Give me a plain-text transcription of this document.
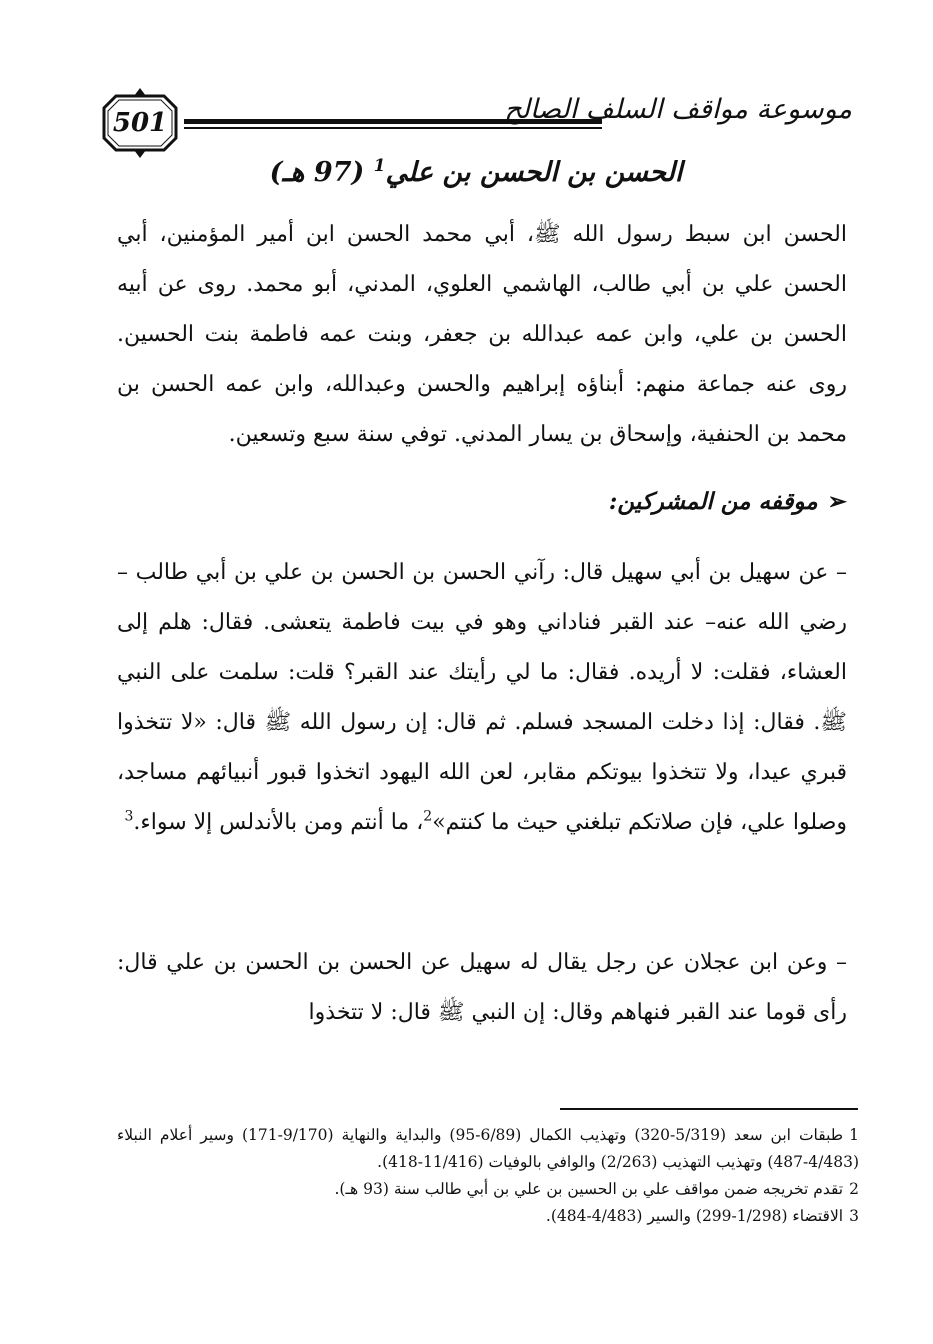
501	موسوعة مواقف السلف الصالح
الحسن بن الحسن بن علي$^1$ (97 هـ)
الحسن ابن سبط رسول الله ﷺ، أبي محمد الحسن ابن أمير المؤمنين، أبي الحسن علي بن أبي طالب، الهاشمي العلوي، المدني، أبو محمد. روى عن أبيه الحسن بن علي، وابن عمه عبدالله بن جعفر، وبنت عمه فاطمة بنت الحسين. روى عنه جماعة منهم: أبناؤه إبراهيم والحسن وعبدالله، وابن عمه الحسن بن محمد بن الحنفية، وإسحاق بن يسار المدني. توفي سنة سبع وتسعين.
➢موقفه من المشركين:
– عن سهيل بن أبي سهيل قال: رآني الحسن بن الحسن بن علي بن أبي طالب –رضي الله عنه– عند القبر فناداني وهو في بيت فاطمة يتعشى. فقال: هلم إلى العشاء، فقلت: لا أريده. فقال: ما لي رأيتك عند القبر؟ قلت: سلمت على النبي ﷺ. فقال: إذا دخلت المسجد فسلم. ثم قال: إن رسول الله ﷺ قال: «لا تتخذوا قبري عيدا، ولا تتخذوا بيوتكم مقابر، لعن الله اليهود اتخذوا قبور أنبيائهم مساجد، وصلوا علي، فإن صلاتكم تبلغني حيث ما كنتم»$^2$، ما أنتم ومن بالأندلس إلا سواء.$^3$
– وعن ابن عجلان عن رجل يقال له سهيل عن الحسن بن الحسن بن علي قال: رأى قوما عند القبر فنهاهم وقال: إن النبي ﷺ قال: لا تتخذوا
1طبقات ابن سعد (5/319-320) وتهذيب الكمال (6/89-95) والبداية والنهاية (9/170-171) وسير أعلام النبلاء (4/483-487) وتهذيب التهذيب (2/263) والوافي بالوفيات (11/416-418).
2تقدم تخريجه ضمن مواقف علي بن الحسين بن علي بن أبي طالب سنة (93 هـ).
3الاقتضاء (1/298-299) والسير (4/483-484).
